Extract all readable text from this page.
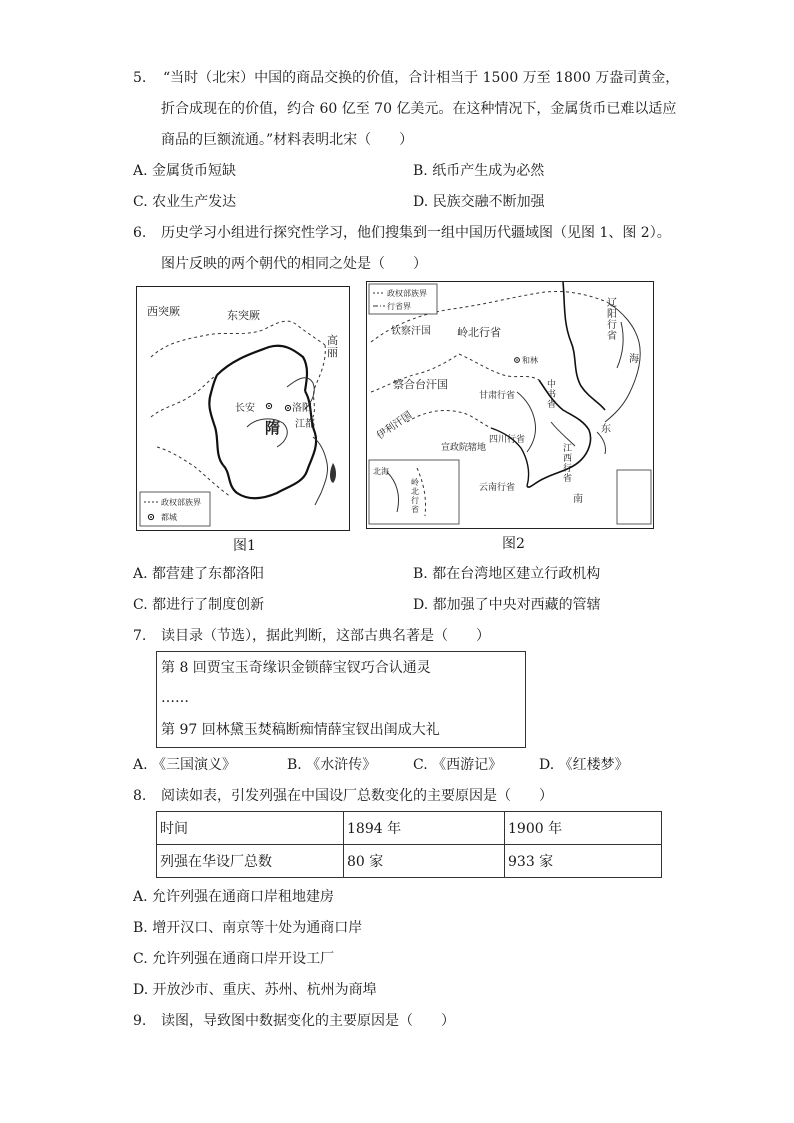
5. “当时（北宋）中国的商品交换的价值，合计相当于 1500 万至 1800 万盎司黄金，
折合成现在的价值，约合 60 亿至 70 亿美元。在这种情况下，金属货币已难以适应
商品的巨额流通。”材料表明北宋（　　）
A. 金属货币短缺	B. 纸币产生成为必然
C. 农业生产发达	D. 民族交融不断加强
6. 历史学习小组进行探究性学习，他们搜集到一组中国历代疆域图（见图 1、图 2）。
图片反映的两个朝代的相同之处是（　　）
西突厥	东突厥
长安	洛阳
江都
隋
政权部族界
都城
高丽
图1
政权部族界
行省界
钦察汗国 岭北行省
和林
察合台汗国
伊利汗国
甘肃行省
宣政院辖地
四川行省
云南行省
东
南
北海
辽阳行省
海
中书省
江西行省
岭北行省
图2
A. 都营建了东都洛阳	B. 都在台湾地区建立行政机构
C. 都进行了制度创新	D. 都加强了中央对西藏的管辖
7. 读目录（节选），据此判断，这部古典名著是（　　）
第 8 回贾宝玉奇缘识金锁薛宝钗巧合认通灵
……
第 97 回林黛玉焚稿断痴情薛宝钗出闺成大礼
A. 《三国演义》	B. 《水浒传》	C. 《西游记》	D. 《红楼梦》
8. 阅读如表，引发列强在中国设厂总数变化的主要原因是（　　）
时间	1894 年	1900 年
列强在华设厂总数	80 家	933 家
A. 允许列强在通商口岸租地建房
B. 增开汉口、南京等十处为通商口岸
C. 允许列强在通商口岸开设工厂
D. 开放沙市、重庆、苏州、杭州为商埠
9. 读图，导致图中数据变化的主要原因是（　　）
